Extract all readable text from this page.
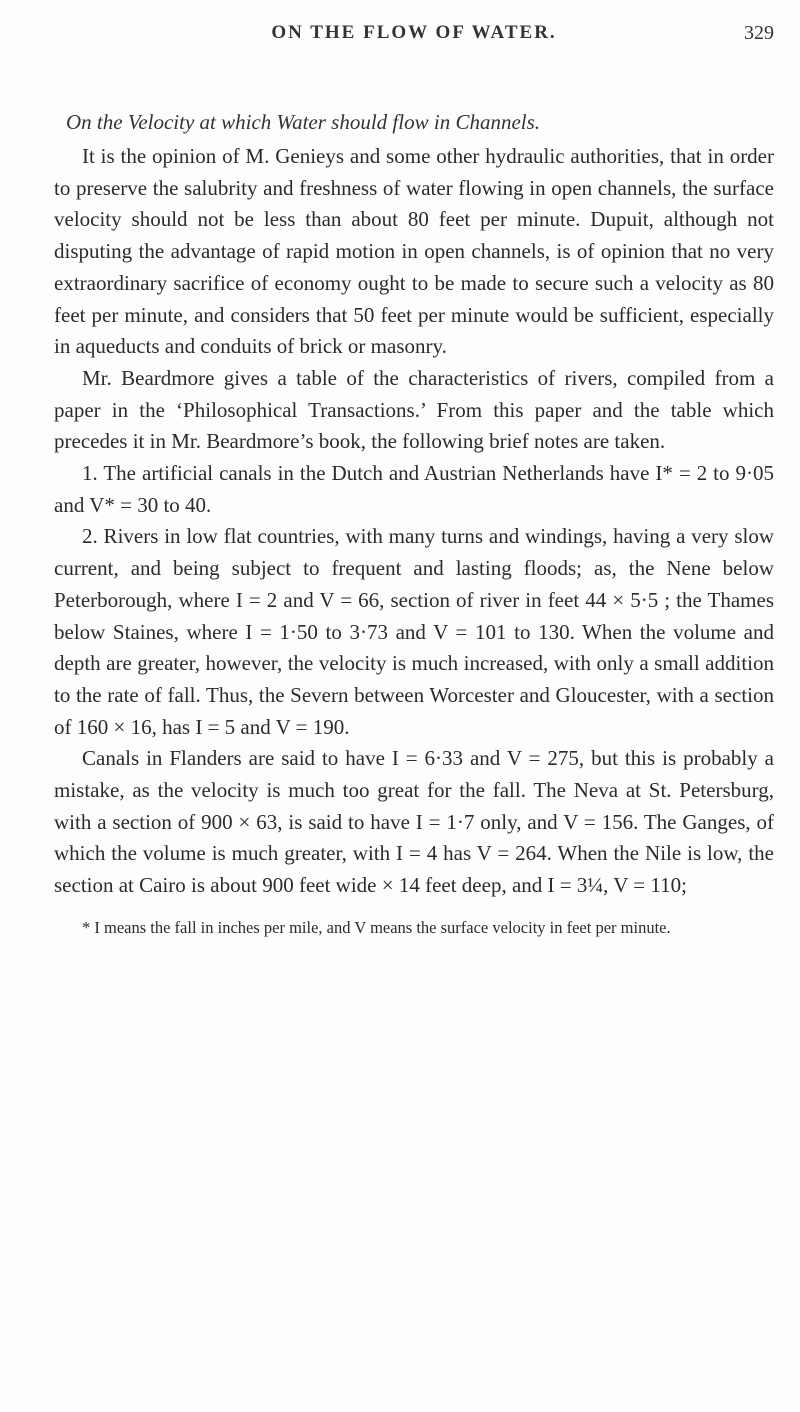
ON THE FLOW OF WATER.	329
On the Velocity at which Water should flow in Channels.

It is the opinion of M. Genieys and some other hydraulic authorities, that in order to preserve the salubrity and freshness of water flowing in open channels, the surface velocity should not be less than about 80 feet per minute. Dupuit, although not disputing the advantage of rapid motion in open channels, is of opinion that no very extraordinary sacrifice of economy ought to be made to secure such a velocity as 80 feet per minute, and considers that 50 feet per minute would be sufficient, especially in aqueducts and conduits of brick or masonry.

Mr. Beardmore gives a table of the characteristics of rivers, compiled from a paper in the ‘Philosophical Transactions.’ From this paper and the table which precedes it in Mr. Beardmore’s book, the following brief notes are taken.

1. The artificial canals in the Dutch and Austrian Netherlands have I* = 2 to 9·05 and V* = 30 to 40.

2. Rivers in low flat countries, with many turns and windings, having a very slow current, and being subject to frequent and lasting floods; as, the Nene below Peterborough, where I = 2 and V = 66, section of river in feet 44 × 5·5 ; the Thames below Staines, where I = 1·50 to 3·73 and V = 101 to 130. When the volume and depth are greater, however, the velocity is much increased, with only a small addition to the rate of fall. Thus, the Severn between Worcester and Gloucester, with a section of 160 × 16, has I = 5 and V = 190.

Canals in Flanders are said to have I = 6·33 and V = 275, but this is probably a mistake, as the velocity is much too great for the fall. The Neva at St. Petersburg, with a section of 900 × 63, is said to have I = 1·7 only, and V = 156. The Ganges, of which the volume is much greater, with I = 4 has V = 264. When the Nile is low, the section at Cairo is about 900 feet wide × 14 feet deep, and I = 3¼, V = 110;

* I means the fall in inches per mile, and V means the surface velocity in feet per minute.
